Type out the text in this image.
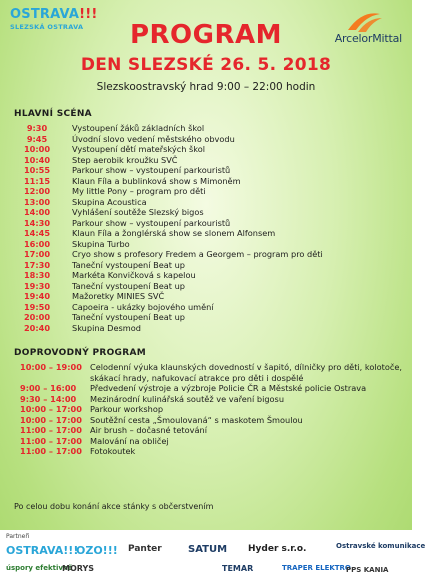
OSTRAVA!!!
SLEZSKÁ OSTRAVA
ArcelorMittal
PROGRAM
DEN SLEZSKÉ 26. 5. 2018
Slezskoostravský hrad 9:00 – 22:00 hodin
HLAVNÍ SCÉNA
9:30	Vystoupení žáků základních škol
9:45	Úvodní slovo vedení městského obvodu
10:00	Vystoupení dětí mateřských škol
10:40	Step aerobik kroužku SVČ
10:55	Parkour show – vystoupení parkouristů
11:15	Klaun Fíla a bublinková show s Mimoněm
12:00	My little Pony – program pro děti
13:00	Skupina Acoustica
14:00	Vyhlášení soutěže Slezský bigos
14:30	Parkour show – vystoupení parkouristů
14:45	Klaun Fíla a žonglérská show se slonem Alfonsem
16:00	Skupina Turbo
17:00	Cryo show s profesory Fredem a Georgem – program pro děti
17:30	Taneční vystoupení Beat up
18:30	Markéta Konvičková s kapelou
19:30	Taneční vystoupení Beat up
19:40	Mažoretky MINIES SVČ
19:50	Capoeira - ukázky bojového umění
20:00	Taneční vystoupení Beat up
20:40	Skupina Desmod
DOPROVODNÝ PROGRAM
10:00 – 19:00 Celodenní výuka klaunských dovedností v šapitó, dílničky pro děti, kolotoče, skákací hrady, nafukovací atrakce pro děti i dospělé
9:00 – 16:00	Předvedení výstroje a výzbroje Policie ČR a Městské policie Ostrava
9:30 – 14:00	Mezinárodní kulinářská soutěž ve vaření bigosu
10:00 – 17:00 Parkour workshop
10:00 – 17:00 Soutěžní cesta „Šmoulovaná“ s maskotem Šmoulou
11:00 – 17:00 Air brush – dočasné tetování
11:00 – 17:00 Malování na obličej
11:00 – 17:00 Fotokoutek
Po celou dobu konání akce stánky s občerstvením
Partneři
OSTRAVA!!!
OZO!!! Panter	SATUM Hyder s.r.o.	Ostravské komunikace
úspory efektivně
MORYS	TEMAR	TRAPER ELEKTRO
PPS KANIA
